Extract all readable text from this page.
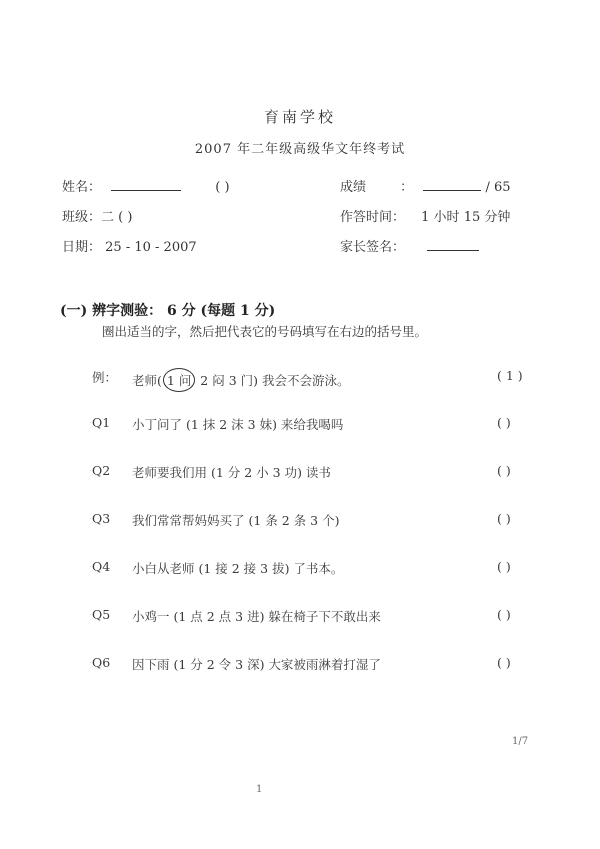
育南学校
2007 年二年级高级华文年终考试
姓名：	( )	成绩	：	/ 65
班级：二 ( )	作答时间： 1 小时 15 分钟
日期： 25 - 10 - 2007	家长签名：
(一) 辨字测验： 6 分 (每题 1 分)
圈出适当的字，然后把代表它的号码填写在右边的括号里。
例： 老师( 1 问 2 闷 3 门) 我会不会游泳。	( 1 )
Q1 小丁问了 (1 抹 2 沫 3 妹) 来给我喝吗	( )
Q2 老师要我们用 (1 分 2 小 3 功) 读书	( )
Q3 我们常常帮妈妈买了 (1 条 2 条 3 个)	( )
Q4 小白从老师 (1 接 2 接 3 拔) 了书本。	( )
Q5 小鸡一 (1 点 2 点 3 进) 躲在椅子下不敢出来	( )
Q6 因下雨 (1 分 2 令 3 深) 大家被雨淋着打湿了	( )
1/7
1
